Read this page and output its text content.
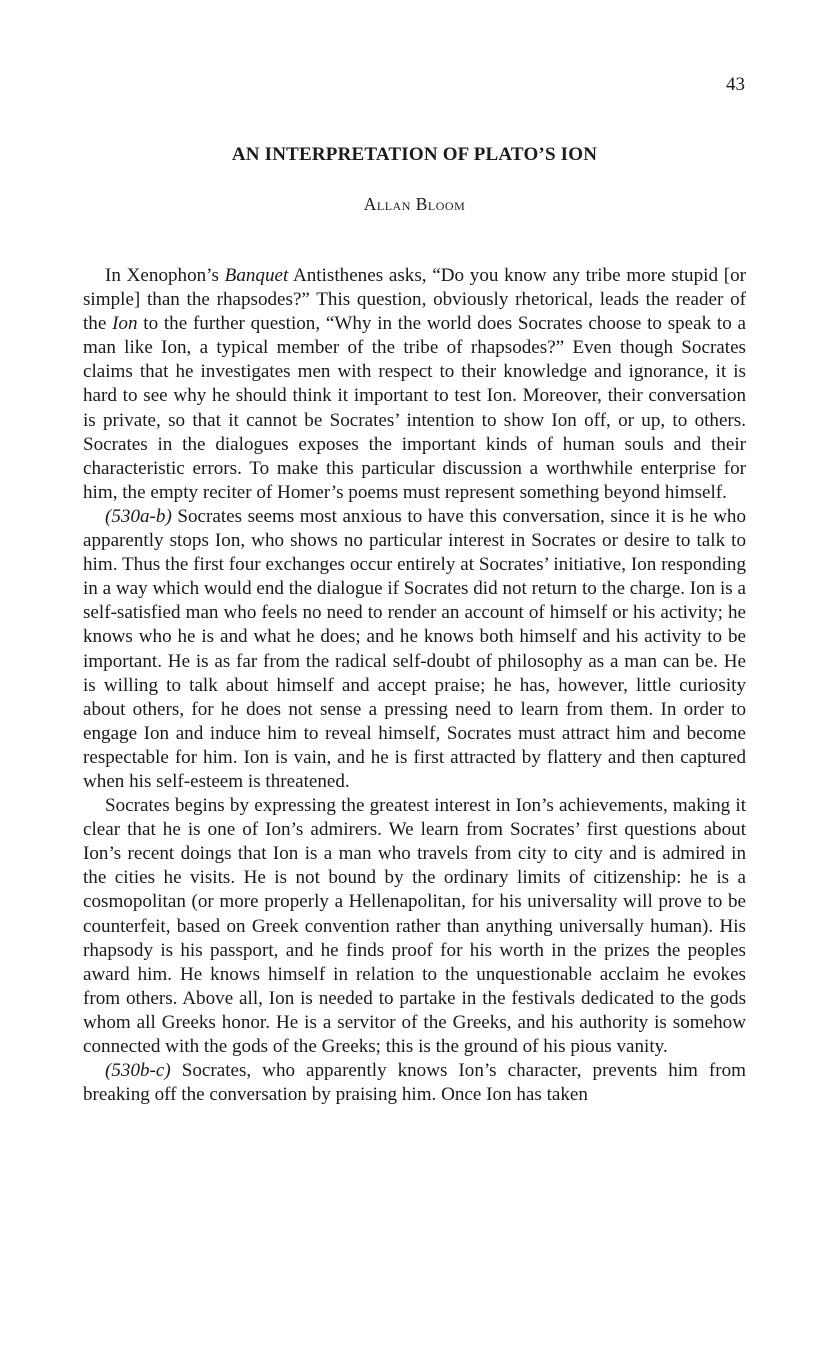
43
AN INTERPRETATION OF PLATO’S ION
Allan Bloom

In Xenophon’s Banquet Antisthenes asks, “Do you know any tribe more stupid [or simple] than the rhapsodes?” This question, obviously rhetorical, leads the reader of the Ion to the further question, “Why in the world does Socrates choose to speak to a man like Ion, a typical member of the tribe of rhapsodes?” Even though Socrates claims that he investigates men with respect to their knowledge and ignorance, it is hard to see why he should think it important to test Ion. Moreover, their conversation is private, so that it cannot be Socrates’ intention to show Ion off, or up, to others. Socrates in the dialogues exposes the important kinds of human souls and their characteristic errors. To make this particular discussion a worthwhile enterprise for him, the empty reciter of Homer’s poems must represent something beyond himself.

(530a-b) Socrates seems most anxious to have this conversation, since it is he who apparently stops Ion, who shows no particular interest in Socrates or desire to talk to him. Thus the first four exchanges occur entirely at Socrates’ initiative, Ion responding in a way which would end the dialogue if Socrates did not return to the charge. Ion is a self-satisfied man who feels no need to render an account of himself or his activity; he knows who he is and what he does; and he knows both himself and his activity to be important. He is as far from the radical self-doubt of philosophy as a man can be. He is willing to talk about himself and accept praise; he has, however, little curiosity about others, for he does not sense a pressing need to learn from them. In order to engage Ion and induce him to reveal himself, Socrates must attract him and become respectable for him. Ion is vain, and he is first attracted by flattery and then captured when his self-esteem is threatened.

Socrates begins by expressing the greatest interest in Ion’s achievements, making it clear that he is one of Ion’s admirers. We learn from Socrates’ first questions about Ion’s recent doings that Ion is a man who travels from city to city and is admired in the cities he visits. He is not bound by the ordinary limits of citizenship: he is a cosmopolitan (or more properly a Hellenapolitan, for his universality will prove to be counterfeit, based on Greek convention rather than anything universally human). His rhapsody is his passport, and he finds proof for his worth in the prizes the peoples award him. He knows himself in relation to the unquestionable acclaim he evokes from others. Above all, Ion is needed to partake in the festivals dedicated to the gods whom all Greeks honor. He is a servitor of the Greeks, and his authority is somehow connected with the gods of the Greeks; this is the ground of his pious vanity.

(530b-c) Socrates, who apparently knows Ion’s character, prevents him from breaking off the conversation by praising him. Once Ion has taken
